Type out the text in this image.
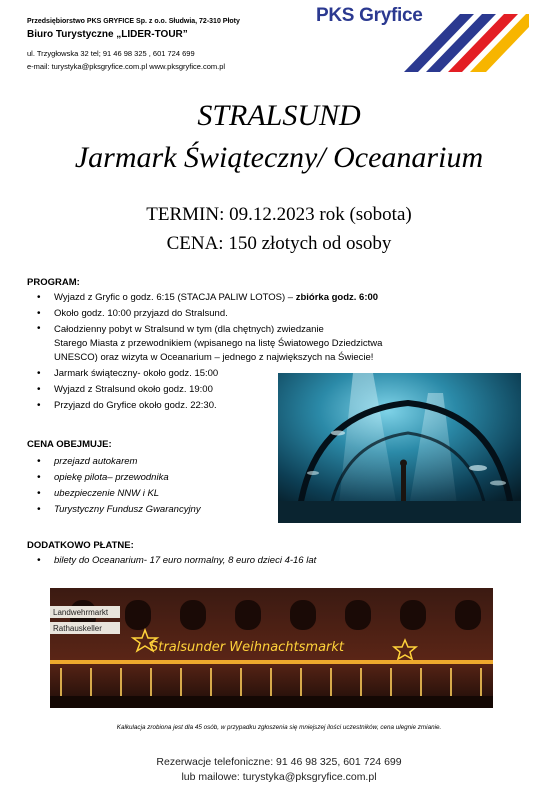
Przedsiębiorstwo PKS GRYFICE Sp. z o.o. Słudwia, 72-310 Płoty
Biuro Turystyczne „LIDER-TOUR”
ul. Trzygłowska 32 tel; 91 46 98 325 , 601 724 699
e-mail: turystyka@pksgryfice.com.pl www.pksgryfice.com.pl
PKS Gryfice
STRALSUND
Jarmark Świąteczny/ Oceanarium
TERMIN: 09.12.2023 rok (sobota)
CENA: 150 złotych od osoby
PROGRAM:
• Wyjazd z Gryfic o godz. 6:15 (STACJA PALIW LOTOS) – zbiórka godz. 6:00
• Około godz. 10:00 przyjazd do Stralsund.
• Całodzienny pobyt w Stralsund w tym (dla chętnych) zwiedzanie
Starego Miasta z przewodnikiem (wpisanego na listę Światowego Dziedzictwa
UNESCO) oraz wizyta w Oceanarium – jednego z największych na Świecie!
• Jarmark świąteczny- około godz. 15:00
• Wyjazd z Stralsund około godz. 19:00
• Przyjazd do Gryfice około godz. 22:30.
CENA OBEJMUJE:
• przejazd autokarem
• opiekę pilota– przewodnika
• ubezpieczenie NNW i KL
• Turystyczny Fundusz Gwarancyjny
DODATKOWO PŁATNE:
• bilety do Oceanarium- 17 euro normalny, 8 euro dzieci 4-16 lat
Landwehrmarkt
Rathauskeller
Stralsunder Weihnachtsmarkt
Kalkulacja zrobiona jest dla 45 osób, w przypadku zgłoszenia się mniejszej ilości uczestników, cena ulegnie zmianie.
Rezerwacje telefoniczne: 91 46 98 325, 601 724 699
lub mailowe: turystyka@pksgryfice.com.pl
